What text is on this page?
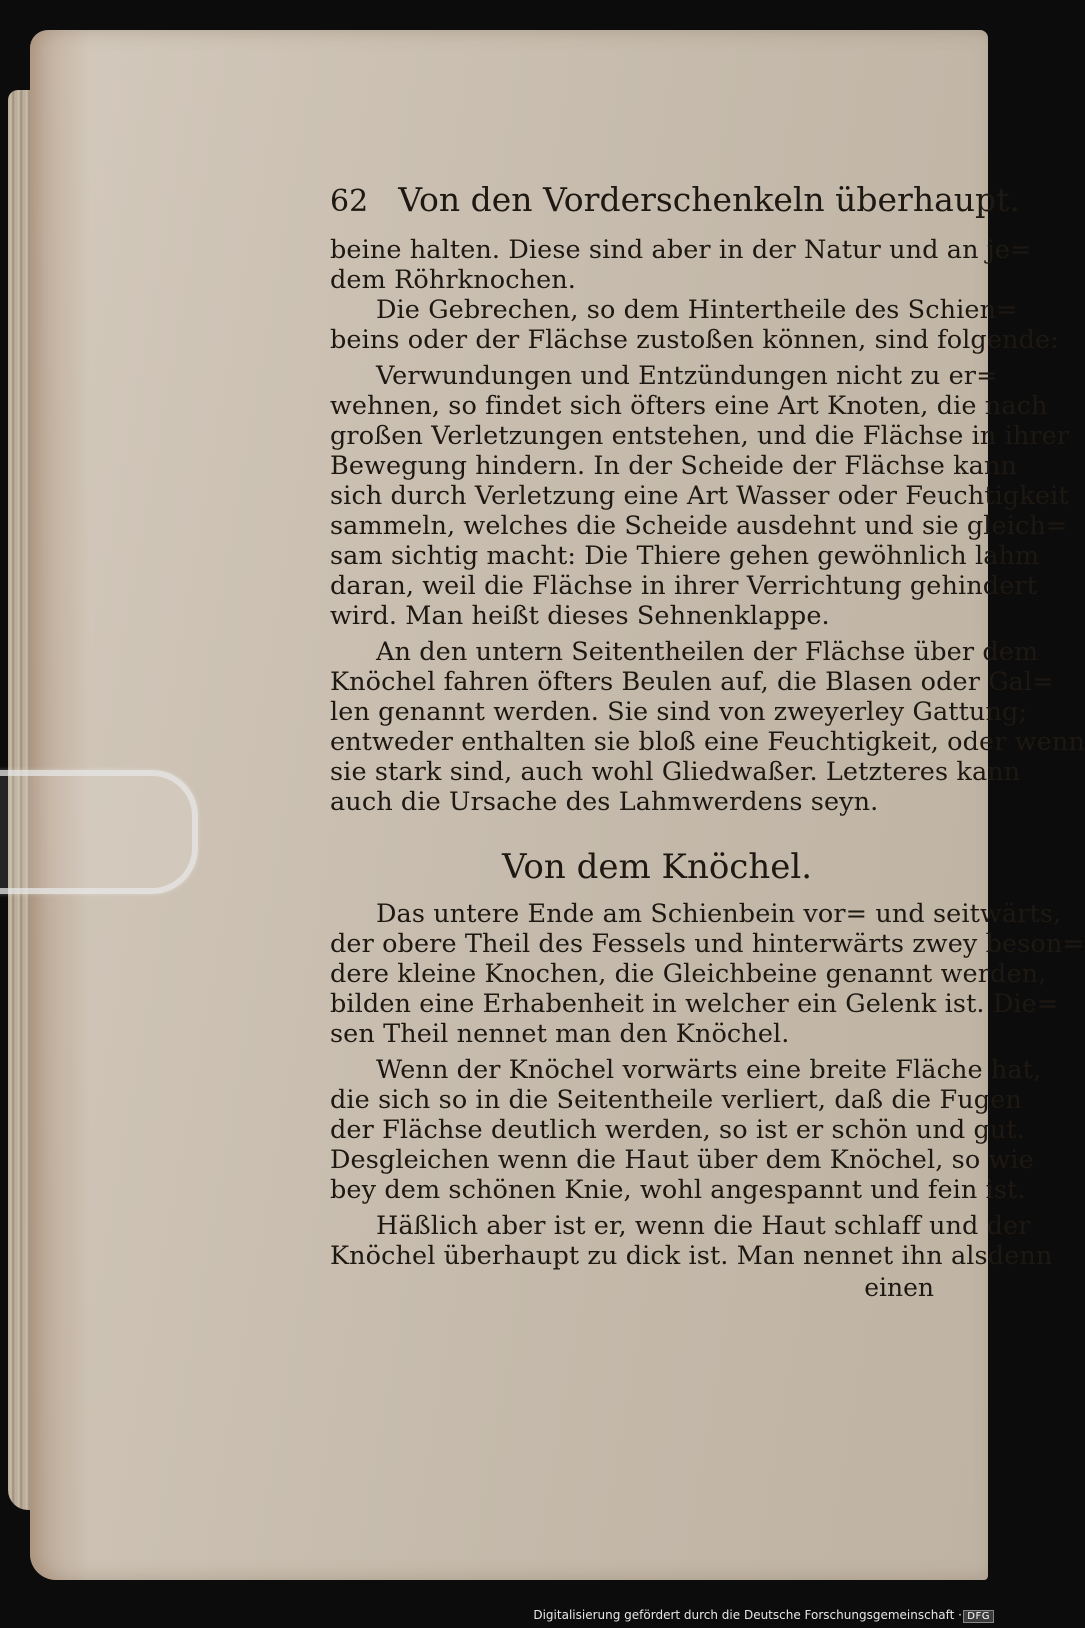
62 Von den Vorderschenkeln überhaupt.
beine halten. Diese sind aber in der Natur und an je=
dem Röhrknochen.
Die Gebrechen, so dem Hintertheile des Schien=
beins oder der Flächse zustoßen können, sind folgende:
Verwundungen und Entzündungen nicht zu er=
wehnen, so findet sich öfters eine Art Knoten, die nach
großen Verletzungen entstehen, und die Flächse in ihrer
Bewegung hindern. In der Scheide der Flächse kann
sich durch Verletzung eine Art Wasser oder Feuchtigkeit
sammeln, welches die Scheide ausdehnt und sie gleich=
sam sichtig macht: Die Thiere gehen gewöhnlich lahm
daran, weil die Flächse in ihrer Verrichtung gehindert
wird. Man heißt dieses Sehnenklappe.
An den untern Seitentheilen der Flächse über dem
Knöchel fahren öfters Beulen auf, die Blasen oder Gal=
len genannt werden. Sie sind von zweyerley Gattung;
entweder enthalten sie bloß eine Feuchtigkeit, oder wenn
sie stark sind, auch wohl Gliedwaßer. Letzteres kann
auch die Ursache des Lahmwerdens seyn.
Von dem Knöchel.
Das untere Ende am Schienbein vor= und seitwärts,
der obere Theil des Fessels und hinterwärts zwey beson=
dere kleine Knochen, die Gleichbeine genannt werden,
bilden eine Erhabenheit in welcher ein Gelenk ist. Die=
sen Theil nennet man den Knöchel.
Wenn der Knöchel vorwärts eine breite Fläche hat,
die sich so in die Seitentheile verliert, daß die Fugen
der Flächse deutlich werden, so ist er schön und gut.
Desgleichen wenn die Haut über dem Knöchel, so wie
bey dem schönen Knie, wohl angespannt und fein ist.
Häßlich aber ist er, wenn die Haut schlaff und der
Knöchel überhaupt zu dick ist. Man nennet ihn alsdenn
einen
Digitalisierung gefördert durch die Deutsche Forschungsgemeinschaft · DFG
